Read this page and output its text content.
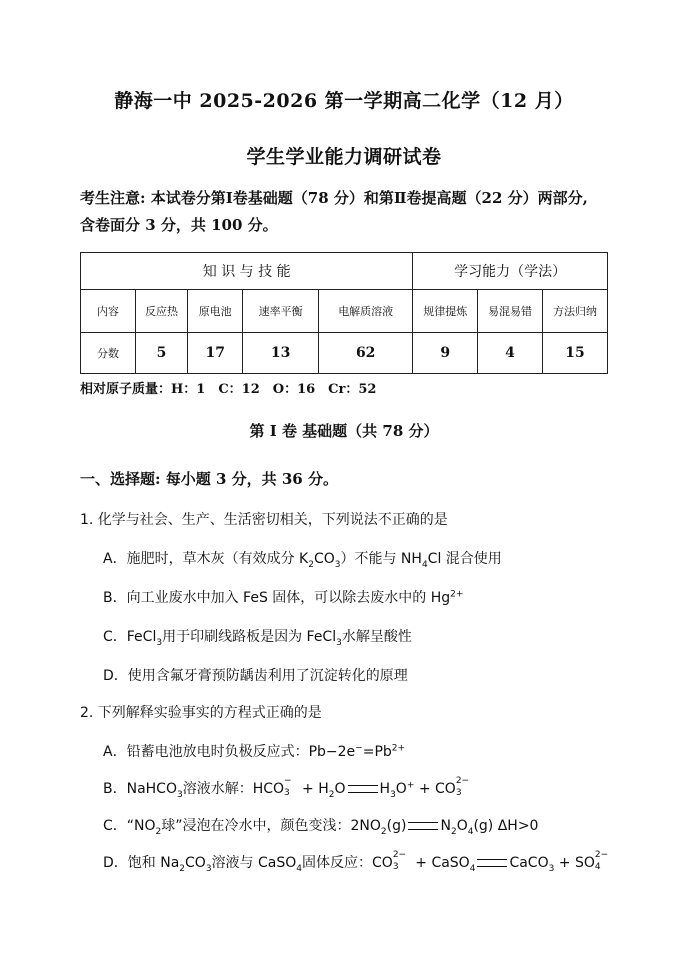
静海一中 2025-2026 第一学期高二化学（12 月）
学生学业能力调研试卷
考生注意: 本试卷分第Ⅰ卷基础题（78 分）和第Ⅱ卷提高题（22 分）两部分,
含卷面分 3 分，共 100 分。
知 识 与 技 能					学习能力（学法）		
内容	反应热	原电池	速率平衡	电解质溶液	规律提炼	易混易错	方法归纳
分数	5	17	13	62	9	4	15
相对原子质量：H：1　C：12　O：16　Cr：52
第 I 卷 基础题（共 78 分）
一、选择题: 每小题 3 分，共 36 分。
1. 化学与社会、生产、生活密切相关，下列说法不正确的是
A．施肥时，草木灰（有效成分 $K_2CO_3$）不能与 $NH_4Cl$ 混合使用
B．向工业废水中加入 FeS 固体，可以除去废水中的 $Hg^{2+}$
C．FeCl$_3$用于印刷线路板是因为 FeCl$_3$水解呈酸性
D．使用含氟牙膏预防龋齿利用了沉淀转化的原理
2. 下列解释实验事实的方程式正确的是
A．铅蓄电池放电时负极反应式：$Pb-2e^-=Pb^{2+}$
B．NaHCO$_3$溶液水解：HCO −
$3 + H_2O$ $H_3O^+$ + CO 2−
3
C．“$NO_2$球”浸泡在冷水中，颜色变浅：$2NO_2(g)$ $N_2O_4(g)$ ΔH>0
D．饱和 $Na_2CO_3$溶液与 CaSO$_4$固体反应：CO 2−
3 + CaSO$_4$ CaCO$_3$ + SO 2−
4
